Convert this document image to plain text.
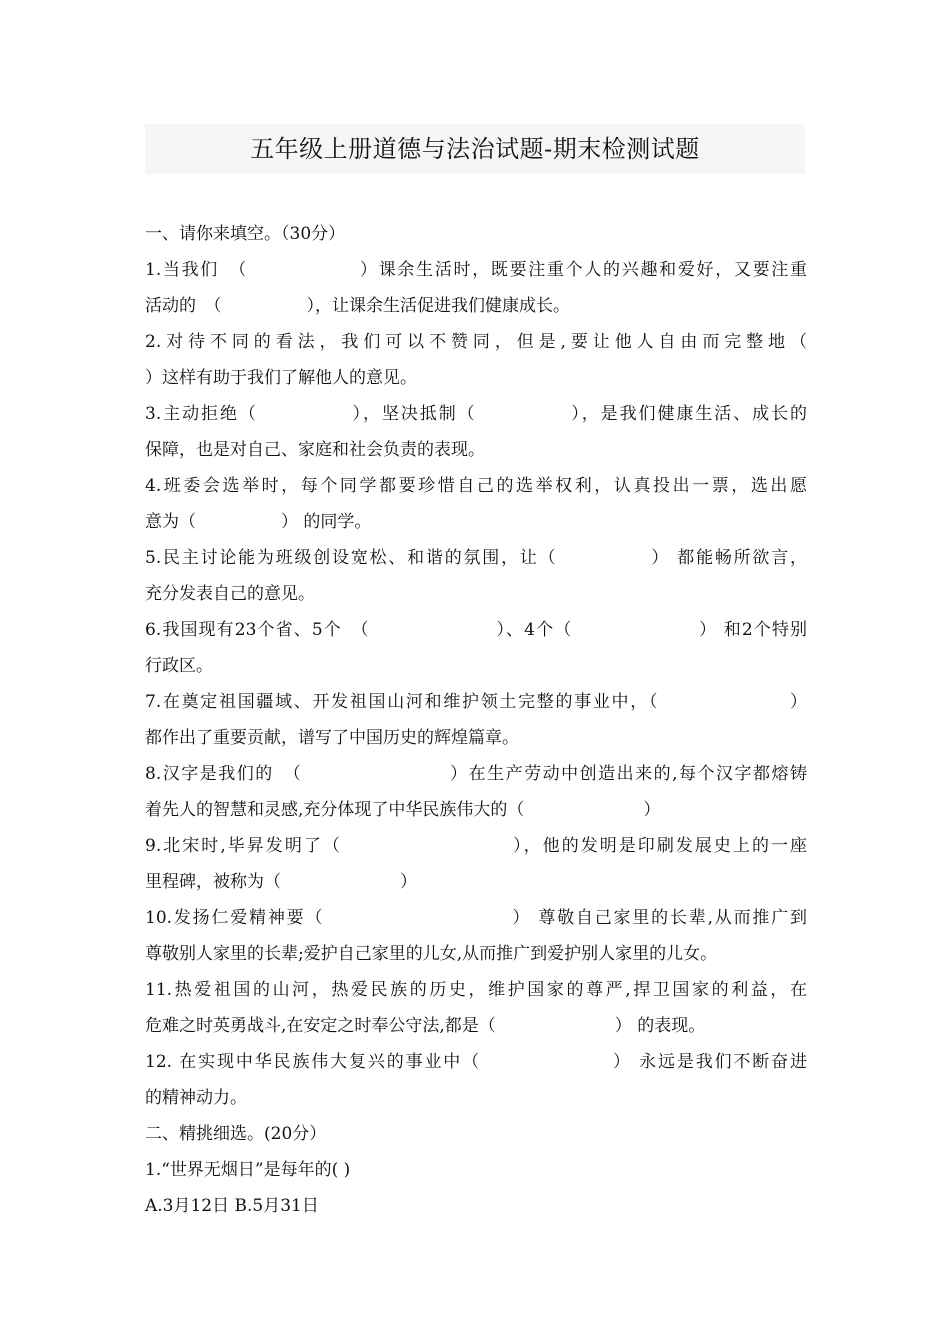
五年级上册道德与法治试题-期末检测试题
一、请你来填空。（30分）
1.当我们　（　　　　　　）课余生活时，既要注重个人的兴趣和爱好，又要注重
活动的　（　　　　　），让课余生活促进我们健康成长。
2.对待不同的看法，我们可以不赞同，但是,要让他人自由而完整地（
）这样有助于我们了解他人的意见。
3.主动拒绝（　　　　　），坚决抵制（　　　　　），是我们健康生活、成长的
保障，也是对自己、家庭和社会负责的表现。
4.班委会选举时，每个同学都要珍惜自己的选举权利，认真投出一票，选出愿
意为（　　　　　） 的同学。
5.民主讨论能为班级创设宽松、和谐的氛围，让（　　　　　） 都能畅所欲言，
充分发表自己的意见。
6.我国现有23个省、5个　（　　　　　　　）、4个（　　　　　　　） 和2个特别
行政区。
7.在奠定祖国疆域、开发祖国山河和维护领土完整的事业中，（　　　　　　　）
都作出了重要贡献，谱写了中国历史的辉煌篇章。
8.汉字是我们的　（　　　　　　　　）在生产劳动中创造出来的,每个汉字都熔铸
着先人的智慧和灵感,充分体现了中华民族伟大的（　　　　　　　）
9.北宋时,毕昇发明了（　　　　　　　　　），他的发明是印刷发展史上的一座
里程碑，被称为（　　　　　　　）
10.发扬仁爱精神要（　　　　　　　　　　） 尊敬自己家里的长辈,从而推广到
尊敬别人家里的长辈;爱护自己家里的儿女,从而推广到爱护别人家里的儿女。
11.热爱祖国的山河，热爱民族的历史，维护国家的尊严,捍卫国家的利益，在
危难之时英勇战斗,在安定之时奉公守法,都是（　　　　　　　） 的表现。
12. 在实现中华民族伟大复兴的事业中（　　　　　　　） 永远是我们不断奋进
的精神动力。
二、精挑细选。(20分）
1.“世界无烟日”是每年的( )
A.3月12日 B.5月31日
